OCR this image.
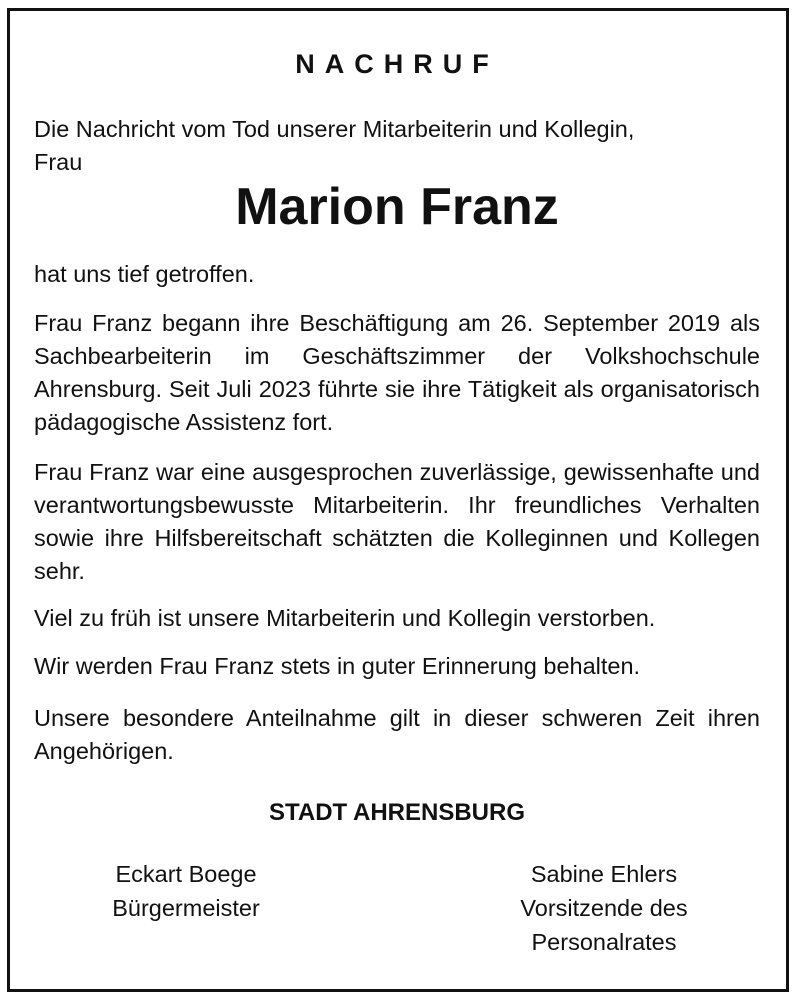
NACHRUF

Die Nachricht vom Tod unserer Mitarbeiterin und Kollegin,
Frau

Marion Franz

hat uns tief getroffen.

Frau Franz begann ihre Beschäftigung am 26. September 2019 als Sachbearbeiterin im Geschäftszimmer der Volkshochschule Ahrensburg. Seit Juli 2023 führte sie ihre Tätigkeit als organisatorisch pädagogische Assistenz fort.

Frau Franz war eine ausgesprochen zuverlässige, gewissenhafte und verantwortungsbewusste Mitarbeiterin. Ihr freundliches Verhalten sowie ihre Hilfsbereitschaft schätzten die Kolleginnen und Kollegen sehr.

Viel zu früh ist unsere Mitarbeiterin und Kollegin verstorben.

Wir werden Frau Franz stets in guter Erinnerung behalten.

Unsere besondere Anteilnahme gilt in dieser schweren Zeit ihren Angehörigen.

STADT AHRENSBURG
Eckart Boege
Bürgermeister
Sabine Ehlers
Vorsitzende des
Personalrates
